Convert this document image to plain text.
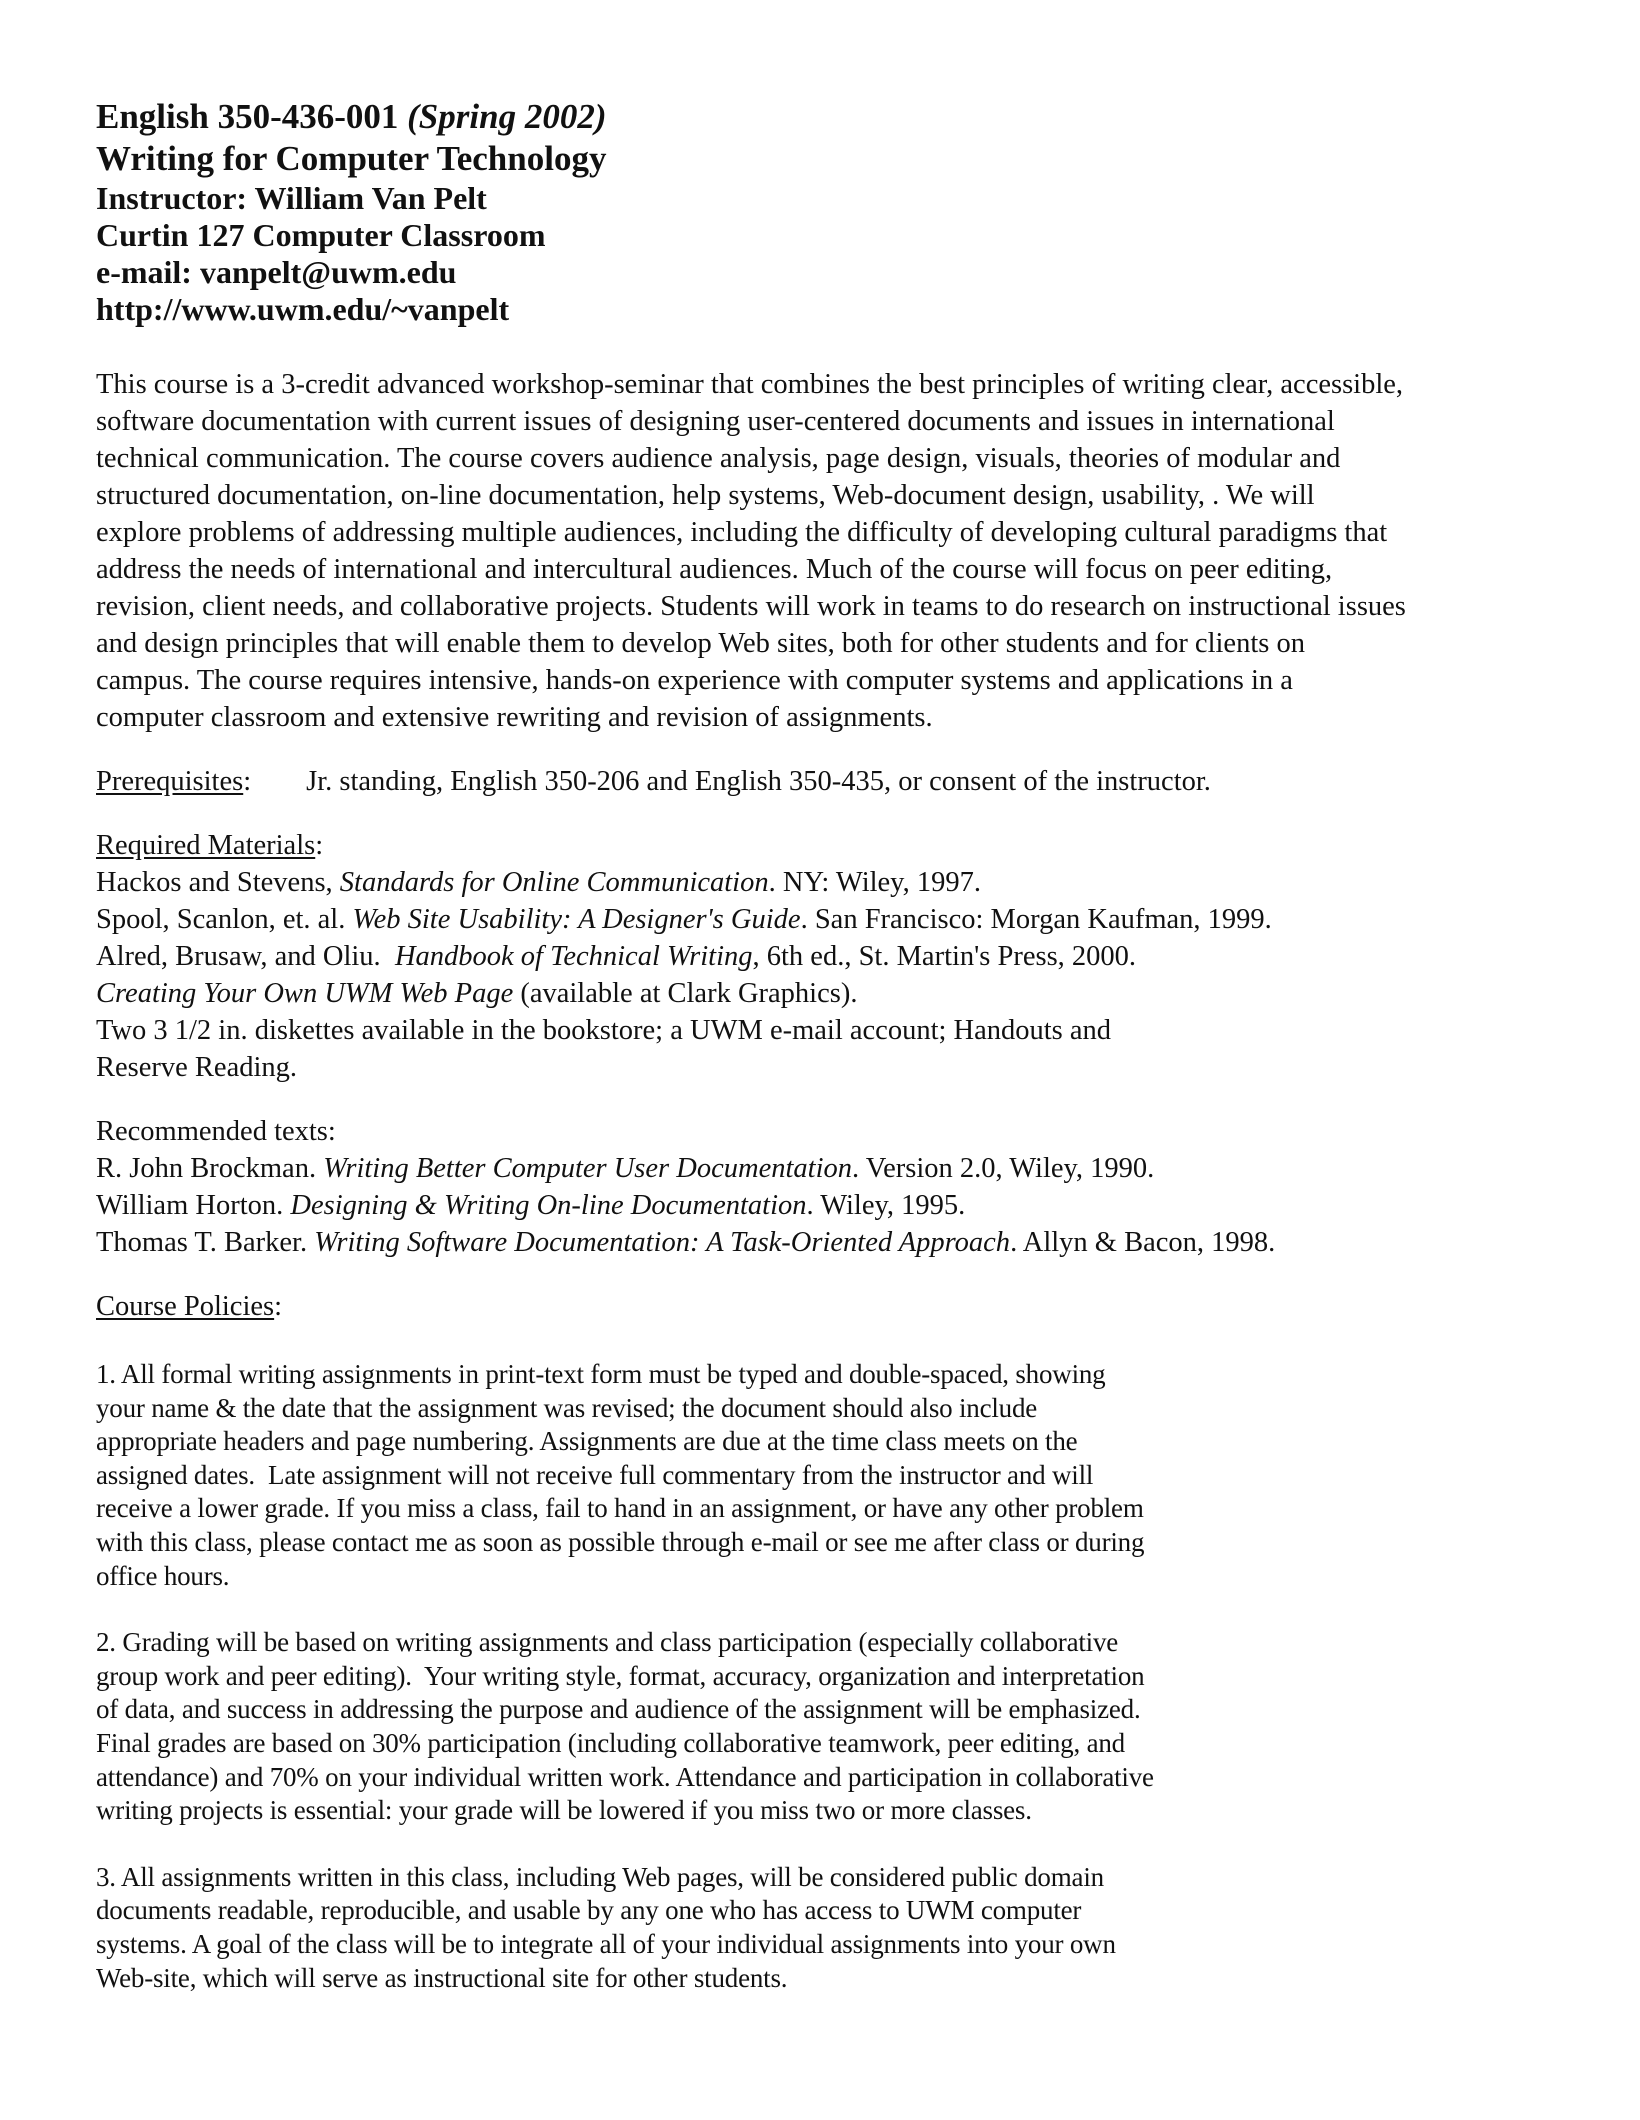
English 350-436-001 (Spring 2002)
Writing for Computer Technology
Instructor: William Van Pelt
Curtin 127 Computer Classroom
e-mail: vanpelt@uwm.edu
http://www.uwm.edu/~vanpelt
This course is a 3-credit advanced workshop-seminar that combines the best principles of writing clear, accessible,
software documentation with current issues of designing user-centered documents and issues in international
technical communication. The course covers audience analysis, page design, visuals, theories of modular and
structured documentation, on-line documentation, help systems, Web-document design, usability, . We will
explore problems of addressing multiple audiences, including the difficulty of developing cultural paradigms that
address the needs of international and intercultural audiences. Much of the course will focus on peer editing,
revision, client needs, and collaborative projects. Students will work in teams to do research on instructional issues
and design principles that will enable them to develop Web sites, both for other students and for clients on
campus. The course requires intensive, hands-on experience with computer systems and applications in a
computer classroom and extensive rewriting and revision of assignments.
Prerequisites: Jr. standing, English 350-206 and English 350-435, or consent of the instructor.
Required Materials:
Hackos and Stevens, Standards for Online Communication. NY: Wiley, 1997.
Spool, Scanlon, et. al. Web Site Usability: A Designer's Guide. San Francisco: Morgan Kaufman, 1999.
Alred, Brusaw, and Oliu.  Handbook of Technical Writing, 6th ed., St. Martin's Press, 2000.
Creating Your Own UWM Web Page (available at Clark Graphics).
Two 3 1/2 in. diskettes available in the bookstore; a UWM e-mail account; Handouts and
Reserve Reading.
Recommended texts:
R. John Brockman. Writing Better Computer User Documentation. Version 2.0, Wiley, 1990.
William Horton. Designing & Writing On-line Documentation. Wiley, 1995.
Thomas T. Barker. Writing Software Documentation: A Task-Oriented Approach. Allyn & Bacon, 1998.
Course Policies:
1. All formal writing assignments in print-text form must be typed and double-spaced, showing
your name & the date that the assignment was revised; the document should also include
appropriate headers and page numbering. Assignments are due at the time class meets on the
assigned dates.  Late assignment will not receive full commentary from the instructor and will
receive a lower grade. If you miss a class, fail to hand in an assignment, or have any other problem
with this class, please contact me as soon as possible through e-mail or see me after class or during
office hours.
2. Grading will be based on writing assignments and class participation (especially collaborative
group work and peer editing).  Your writing style, format, accuracy, organization and interpretation
of data, and success in addressing the purpose and audience of the assignment will be emphasized.
Final grades are based on 30% participation (including collaborative teamwork, peer editing, and
attendance) and 70% on your individual written work. Attendance and participation in collaborative
writing projects is essential: your grade will be lowered if you miss two or more classes.
3. All assignments written in this class, including Web pages, will be considered public domain
documents readable, reproducible, and usable by any one who has access to UWM computer
systems. A goal of the class will be to integrate all of your individual assignments into your own
Web-site, which will serve as instructional site for other students.
